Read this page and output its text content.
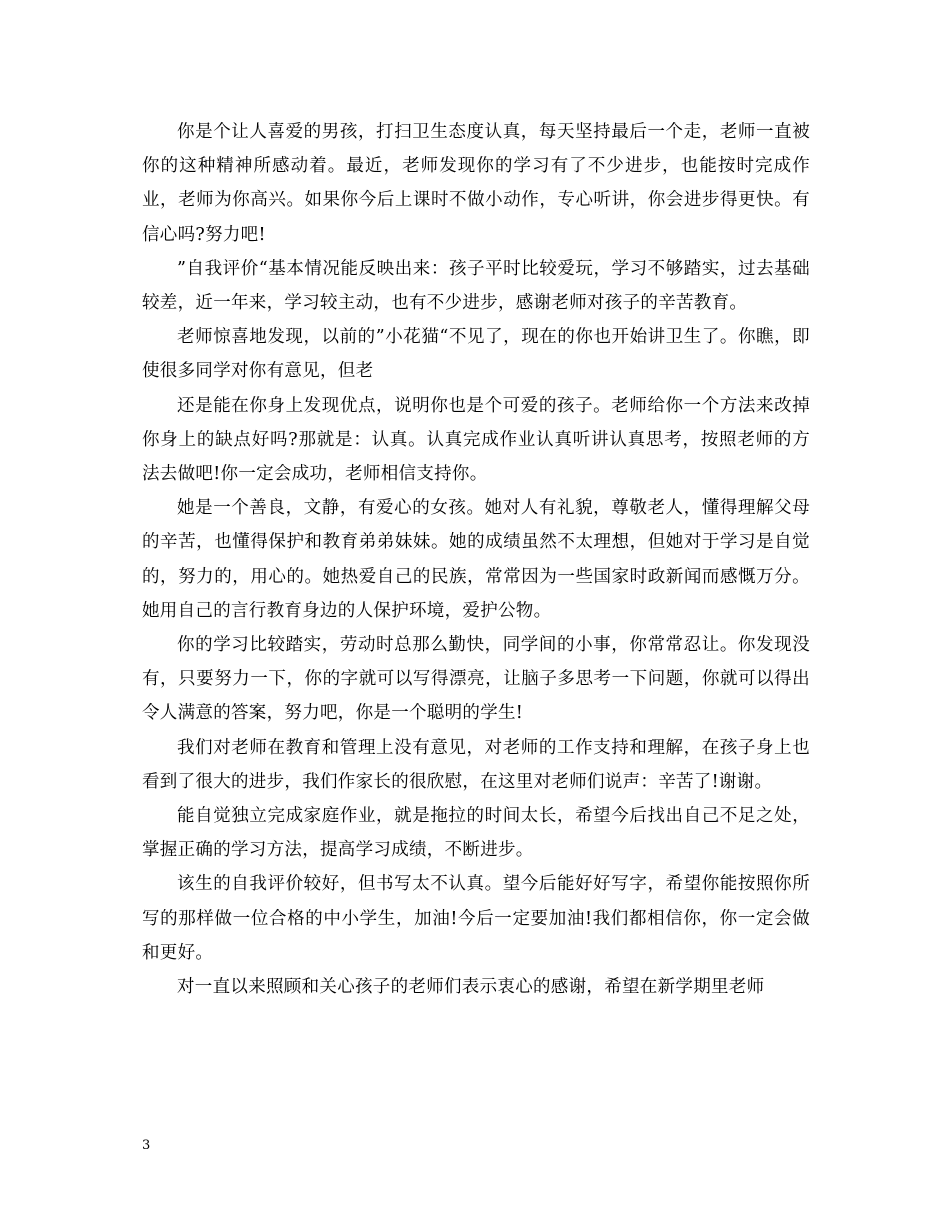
你是个让人喜爱的男孩，打扫卫生态度认真，每天坚持最后一个走，老师一直被你的这种精神所感动着。最近，老师发现你的学习有了不少进步，也能按时完成作业，老师为你高兴。如果你今后上课时不做小动作，专心听讲，你会进步得更快。有信心吗?努力吧!

”自我评价“基本情况能反映出来：孩子平时比较爱玩，学习不够踏实，过去基础较差，近一年来，学习较主动，也有不少进步，感谢老师对孩子的辛苦教育。

老师惊喜地发现，以前的”小花猫“不见了，现在的你也开始讲卫生了。你瞧，即使很多同学对你有意见，但老

还是能在你身上发现优点，说明你也是个可爱的孩子。老师给你一个方法来改掉你身上的缺点好吗?那就是：认真。认真完成作业认真听讲认真思考，按照老师的方法去做吧!你一定会成功，老师相信支持你。

她是一个善良，文静，有爱心的女孩。她对人有礼貌，尊敬老人，懂得理解父母的辛苦，也懂得保护和教育弟弟妹妹。她的成绩虽然不太理想，但她对于学习是自觉的，努力的，用心的。她热爱自己的民族，常常因为一些国家时政新闻而感慨万分。她用自己的言行教育身边的人保护环境，爱护公物。

你的学习比较踏实，劳动时总那么勤快，同学间的小事，你常常忍让。你发现没有，只要努力一下，你的字就可以写得漂亮，让脑子多思考一下问题，你就可以得出令人满意的答案，努力吧，你是一个聪明的学生!

我们对老师在教育和管理上没有意见，对老师的工作支持和理解，在孩子身上也看到了很大的进步，我们作家长的很欣慰，在这里对老师们说声：辛苦了!谢谢。

能自觉独立完成家庭作业，就是拖拉的时间太长，希望今后找出自己不足之处，掌握正确的学习方法，提高学习成绩，不断进步。

该生的自我评价较好，但书写太不认真。望今后能好好写字，希望你能按照你所写的那样做一位合格的中小学生，加油!今后一定要加油!我们都相信你，你一定会做和更好。

对一直以来照顾和关心孩子的老师们表示衷心的感谢，希望在新学期里老师

3
